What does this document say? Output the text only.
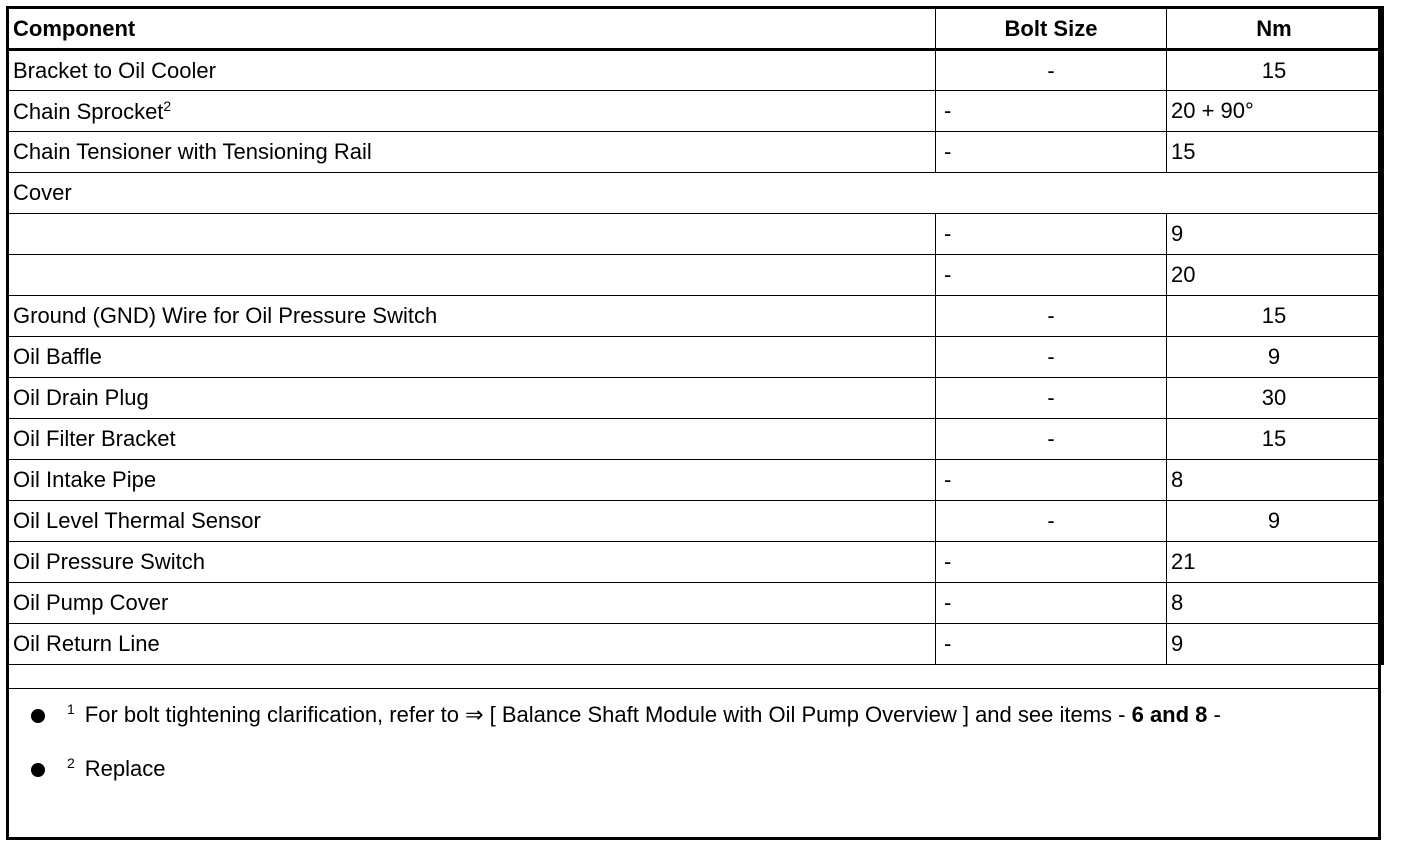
Component	Bolt Size	Nm
Bracket to Oil Cooler	-	15
Chain Sprocket$^2$	-	20 + 90°
Chain Tensioner with Tensioning Rail	-	15
Cover		
	-	9
	-	20
Ground (GND) Wire for Oil Pressure Switch	-	15
Oil Baffle	-	9
Oil Drain Plug	-	30
Oil Filter Bracket	-	15
Oil Intake Pipe	-	8
Oil Level Thermal Sensor	-	9
Oil Pressure Switch	-	21
Oil Pump Cover	-	8
Oil Return Line	-	9
$^1$ For bolt tightening clarification, refer to ⇒ [ Balance Shaft Module with Oil Pump Overview ] and see items - 6 and 8 -
$^2$ Replace
